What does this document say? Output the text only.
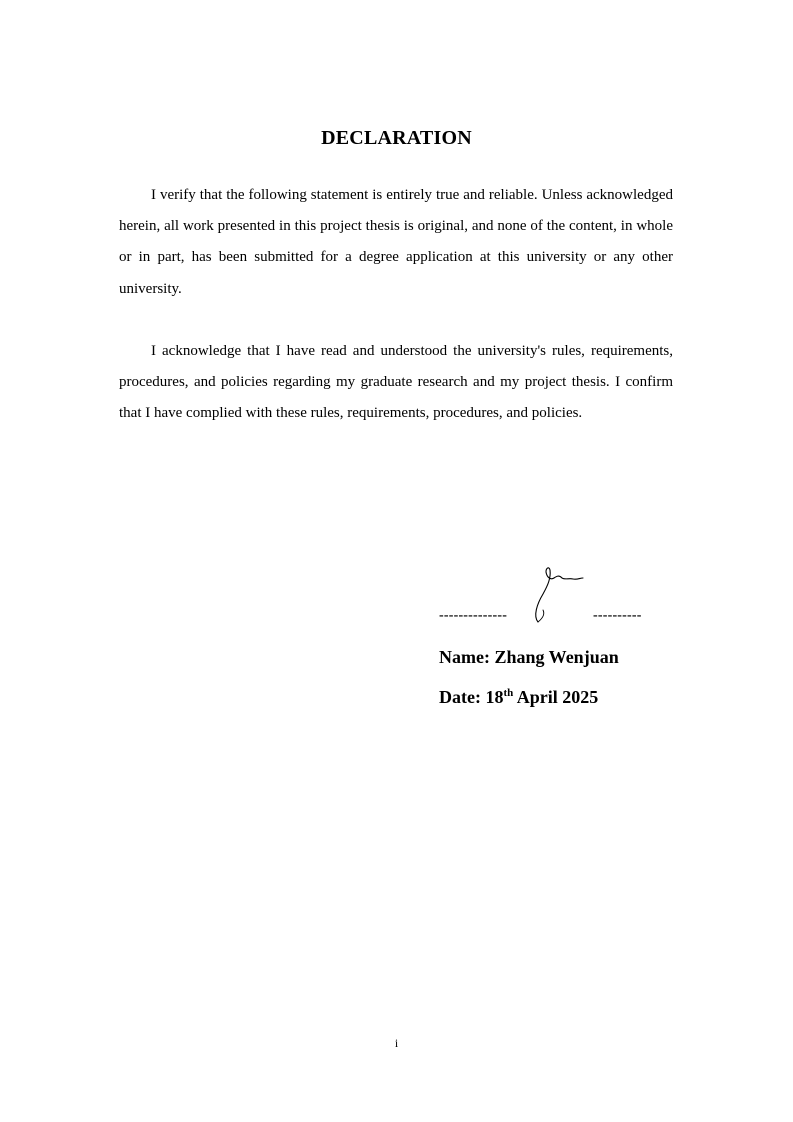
DECLARATION

I verify that the following statement is entirely true and reliable. Unless acknowledged herein, all work presented in this project thesis is original, and none of the content, in whole or in part, has been submitted for a degree application at this university or any other university.

I acknowledge that I have read and understood the university's rules, requirements, procedures, and policies regarding my graduate research and my project thesis. I confirm that I have complied with these rules, requirements, procedures, and policies.

--------------	----------
Name: Zhang Wenjuan
Date: 18th April 2025
i
